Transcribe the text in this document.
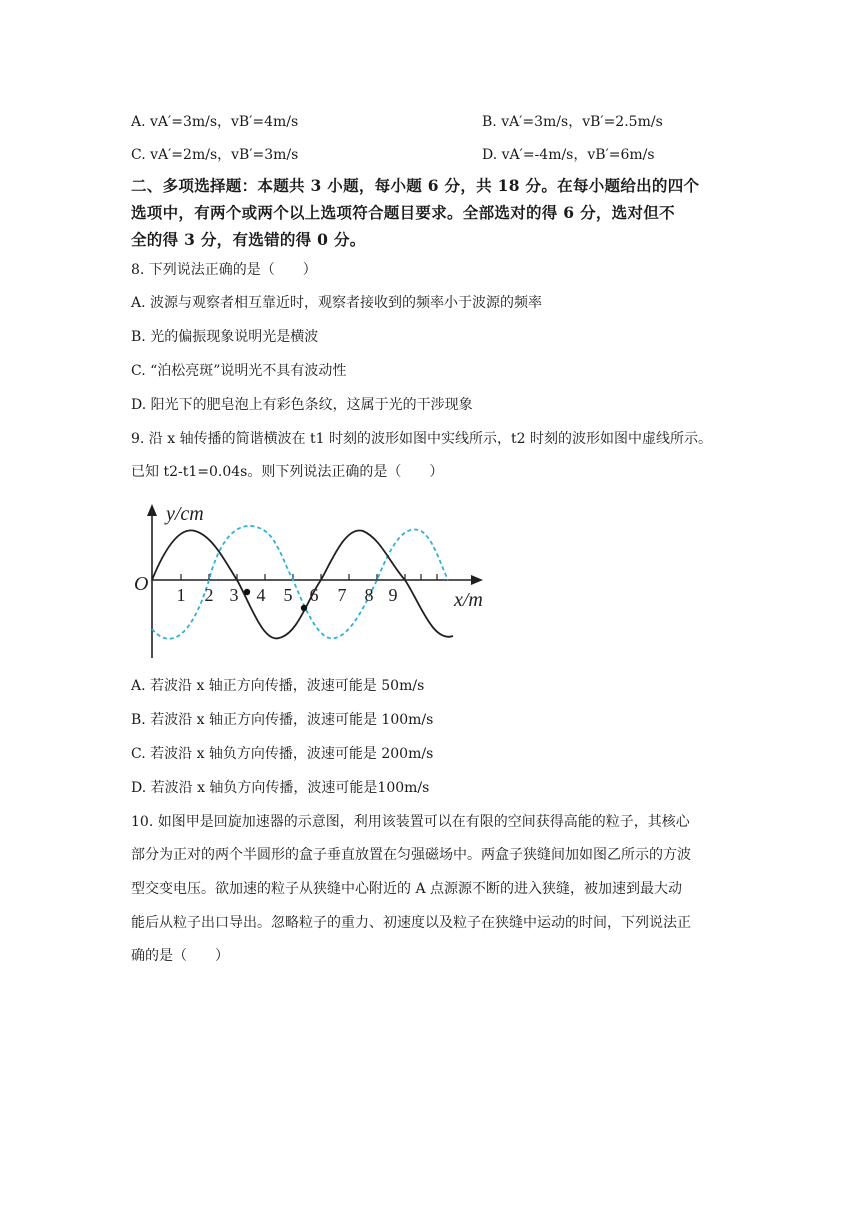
A. vA′=3m/s，vB′=4m/s	B. vA′=3m/s，vB′=2.5m/s
C. vA′=2m/s，vB′=3m/s	D. vA′=-4m/s，vB′=6m/s
二、多项选择题：本题共 3 小题，每小题 6 分，共 18 分。在每小题给出的四个
选项中，有两个或两个以上选项符合题目要求。全部选对的得 6 分，选对但不
全的得 3 分，有选错的得 0 分。
8. 下列说法正确的是（　　）
A. 波源与观察者相互靠近时，观察者接收到的频率小于波源的频率
B. 光的偏振现象说明光是横波
C. “泊松亮斑”说明光不具有波动性
D. 阳光下的肥皂泡上有彩色条纹，这属于光的干涉现象
9. 沿 x 轴传播的简谐横波在 t1 时刻的波形如图中实线所示，t2 时刻的波形如图中虚线所示。
已知 t2-t1=0.04s。则下列说法正确的是（　　）
y/cm
x/m
O 1 2 3 4 5 6 7 8 9
A. 若波沿 x 轴正方向传播，波速可能是 50m/s
B. 若波沿 x 轴正方向传播，波速可能是 100m/s
C. 若波沿 x 轴负方向传播，波速可能是 200m/s
D. 若波沿 x 轴负方向传播，波速可能是100m/s
10. 如图甲是回旋加速器的示意图，利用该装置可以在有限的空间获得高能的粒子，其核心
部分为正对的两个半圆形的盒子垂直放置在匀强磁场中。两盒子狭缝间加如图乙所示的方波
型交变电压。欲加速的粒子从狭缝中心附近的 A 点源源不断的进入狭缝，被加速到最大动
能后从粒子出口导出。忽略粒子的重力、初速度以及粒子在狭缝中运动的时间，下列说法正
确的是（　　）
